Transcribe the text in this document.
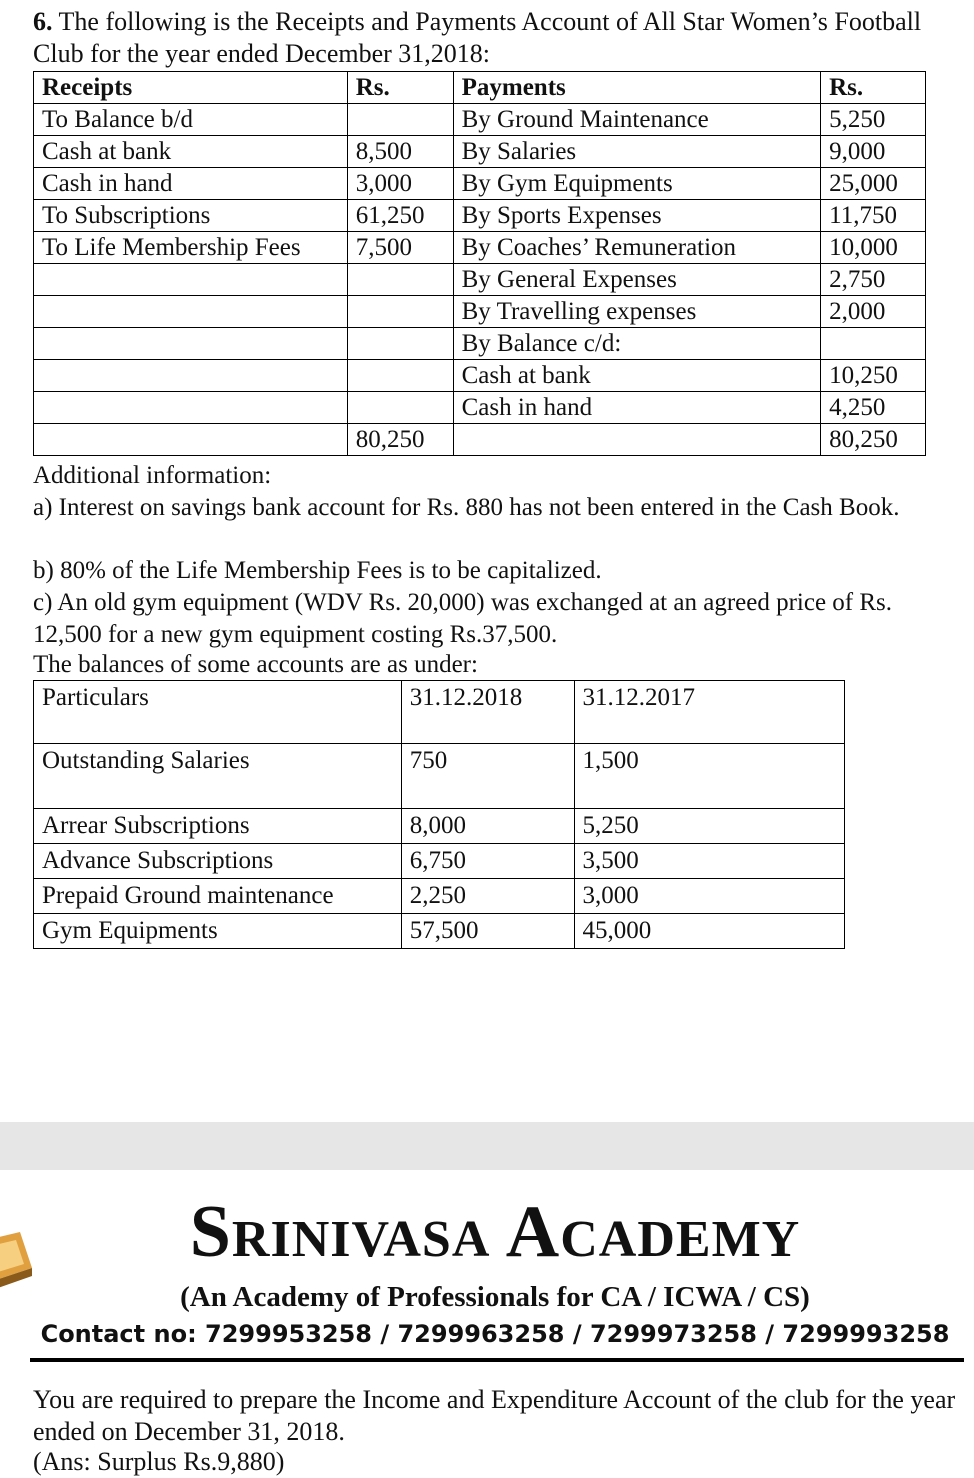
6. The following is the Receipts and Payments Account of All Star Women’s Football Club for the year ended December 31,2018:
Receipts	Rs.	Payments	Rs.
To Balance b/d		By Ground Maintenance	5,250
Cash at bank	8,500	By Salaries	9,000
Cash in hand	3,000	By Gym Equipments	25,000
To Subscriptions	61,250	By Sports Expenses	11,750
To Life Membership Fees	7,500	By Coaches’ Remuneration	10,000
		By General Expenses	2,750
		By Travelling expenses	2,000
		By Balance c/d:	
		Cash at bank	10,250
		Cash in hand	4,250
	80,250		80,250
Additional information:
a) Interest on savings bank account for Rs. 880 has not been entered in the Cash Book.
b) 80% of the Life Membership Fees is to be capitalized.
c) An old gym equipment (WDV Rs. 20,000) was exchanged at an agreed price of Rs. 12,500 for a new gym equipment costing Rs.37,500.
The balances of some accounts are as under:
Particulars	31.12.2018	31.12.2017
Outstanding Salaries	750	1,500
Arrear Subscriptions	8,000	5,250
Advance Subscriptions	6,750	3,500
Prepaid Ground maintenance	2,250	3,000
Gym Equipments	57,500	45,000
Srinivasa Academy
(An Academy of Professionals for CA / ICWA / CS)
Contact no: 7299953258 / 7299963258 / 7299973258 / 7299993258
You are required to prepare the Income and Expenditure Account of the club for the year ended on December 31, 2018.
(Ans: Surplus Rs.9,880)
